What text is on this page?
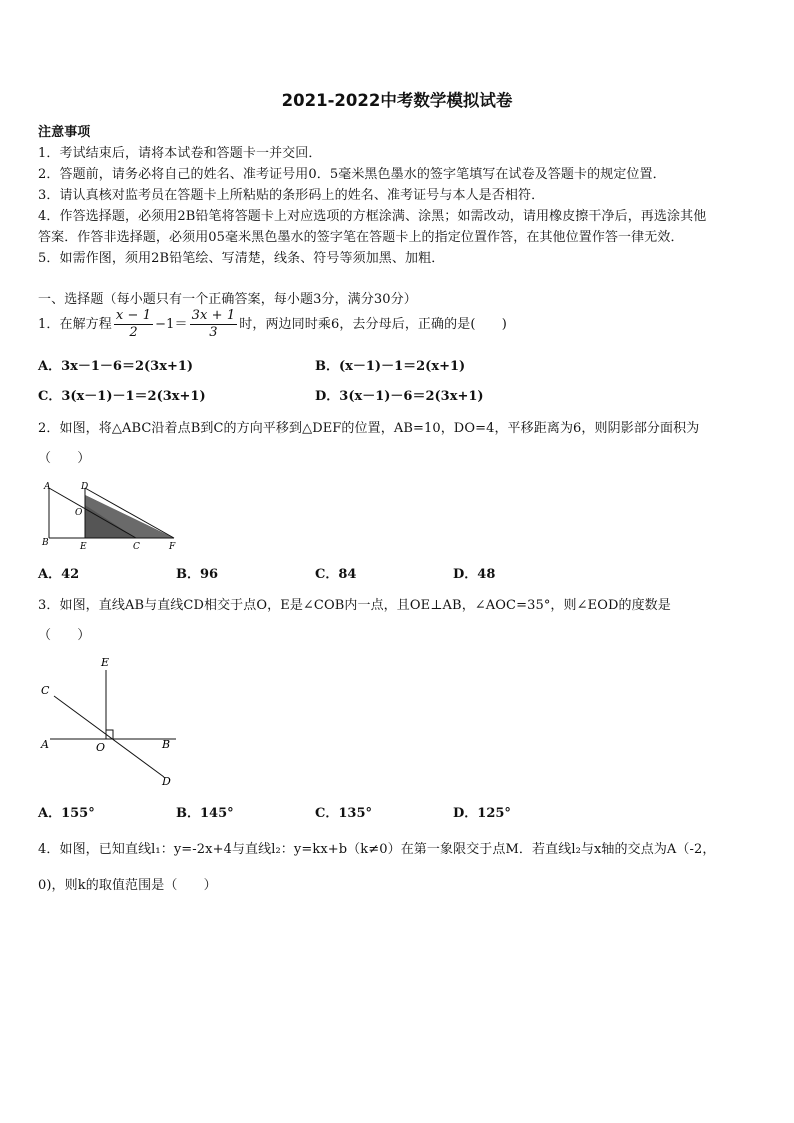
2021-2022中考数学模拟试卷
注意事项
1．考试结束后，请将本试卷和答题卡一并交回．
2．答题前，请务必将自己的姓名、准考证号用0．5毫米黑色墨水的签字笔填写在试卷及答题卡的规定位置．
3．请认真核对监考员在答题卡上所粘贴的条形码上的姓名、准考证号与本人是否相符．
4．作答选择题，必须用2B铅笔将答题卡上对应选项的方框涂满、涂黑；如需改动，请用橡皮擦干净后，再选涂其他
答案．作答非选择题，必须用05毫米黑色墨水的签字笔在答题卡上的指定位置作答，在其他位置作答一律无效．
5．如需作图，须用2B铅笔绘、写清楚，线条、符号等须加黑、加粗．
一、选择题（每小题只有一个正确答案，每小题3分，满分30分）
1．在解方程 $\frac{x - 1}{2} -1= \frac{3x + 1}{3}$ 时，两边同时乘6，去分母后，正确的是(　　)
A．3x－1－6＝2(3x+1)	B．(x－1)－1＝2(x+1)
C．3(x－1)－1＝2(3x+1)	D．3(x－1)－6＝2(3x+1)
2．如图，将△ABC沿着点B到C的方向平移到△DEF的位置，AB=10，DO=4，平移距离为6，则阴影部分面积为
（　　）
A	D
O
B	E	C	F
A．42	B．96	C．84	D．48
3．如图，直线AB与直线CD相交于点O，E是∠COB内一点，且OE⊥AB，∠AOC=35°，则∠EOD的度数是
（　　）
E
C
A	O	B
D
A．155°	B．145°	C．135°	D．125°
4．如图，已知直线l₁：y=-2x+4与直线l₂：y=kx+b（k≠0）在第一象限交于点M．若直线l₂与x轴的交点为A（-2，
0)，则k的取值范围是（　　）
